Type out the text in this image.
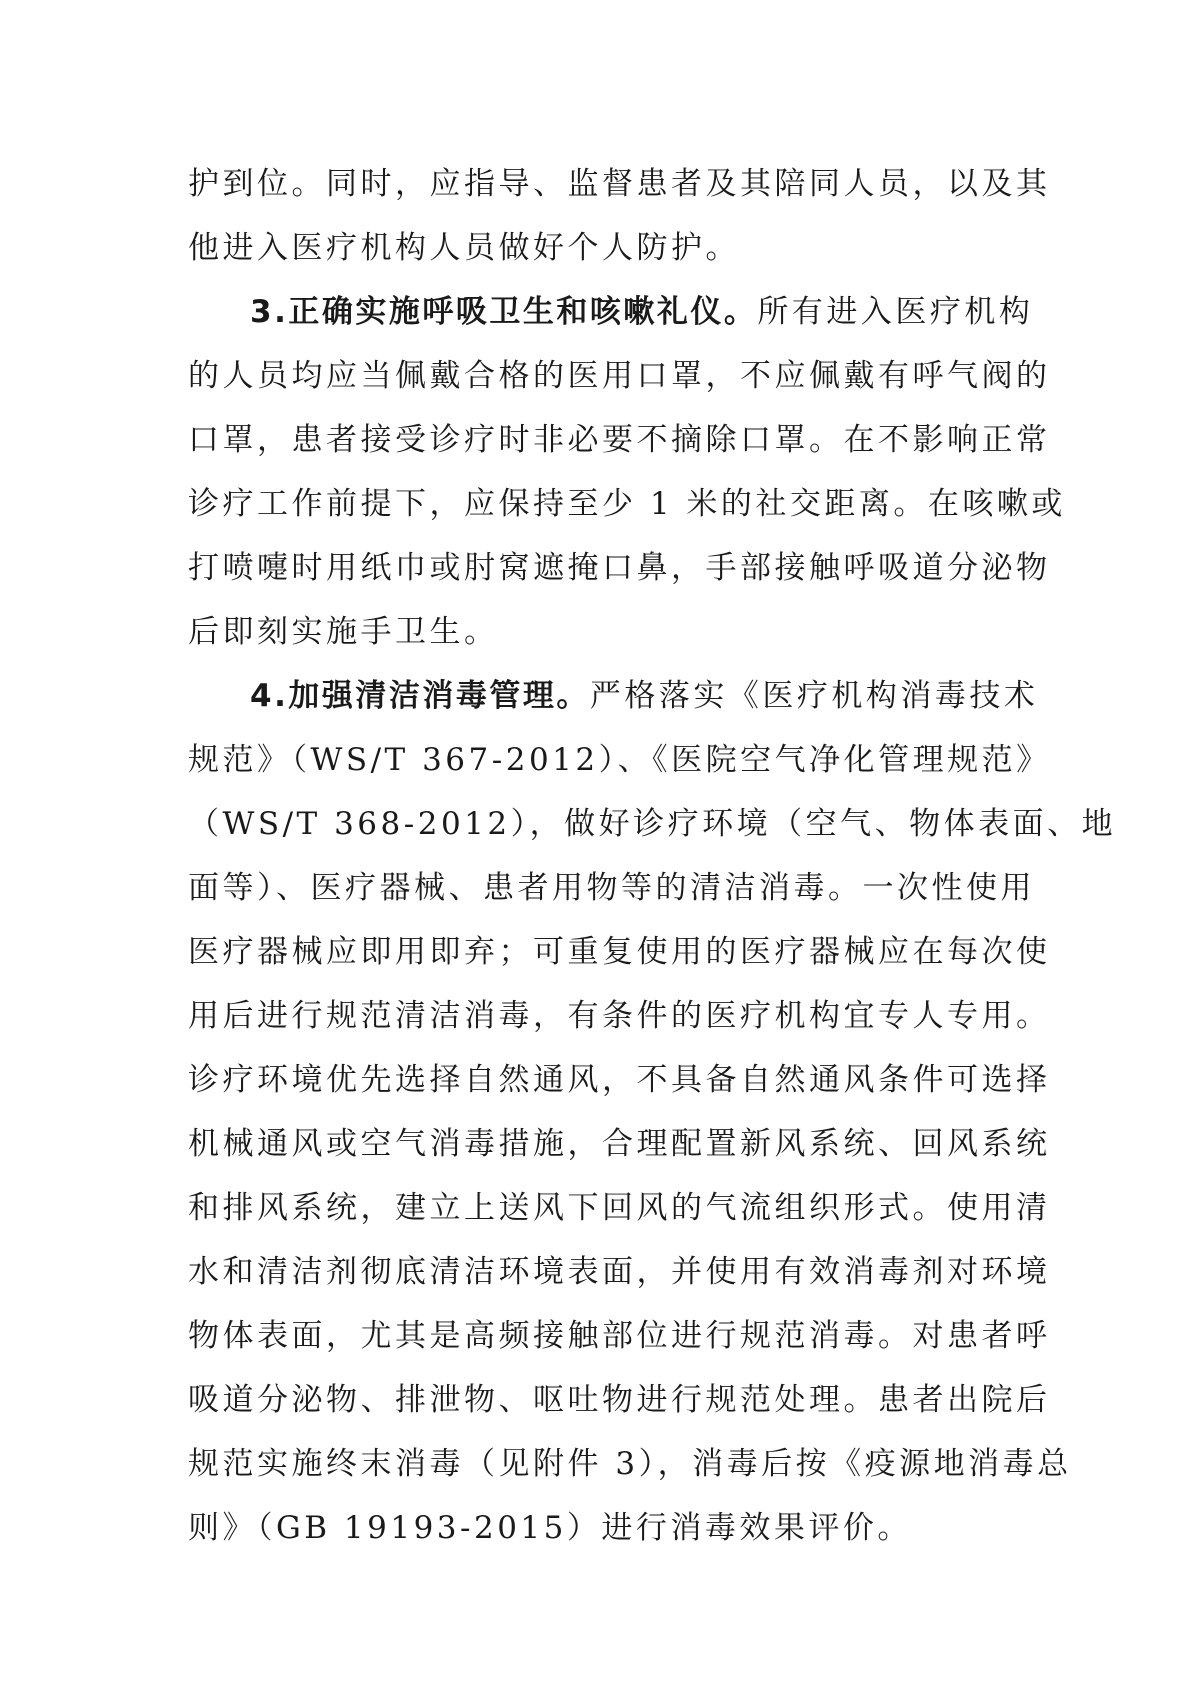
护到位。同时，应指导、监督患者及其陪同人员，以及其
他进入医疗机构人员做好个人防护。
3.正确实施呼吸卫生和咳嗽礼仪。所有进入医疗机构
的人员均应当佩戴合格的医用口罩，不应佩戴有呼气阀的
口罩，患者接受诊疗时非必要不摘除口罩。在不影响正常
诊疗工作前提下，应保持至少 1 米的社交距离。在咳嗽或
打喷嚏时用纸巾或肘窝遮掩口鼻，手部接触呼吸道分泌物
后即刻实施手卫生。
4.加强清洁消毒管理。严格落实《医疗机构消毒技术
规范》（WS/T 367-2012）、《医院空气净化管理规范》
（WS/T 368-2012），做好诊疗环境（空气、物体表面、地
面等）、医疗器械、患者用物等的清洁消毒。一次性使用
医疗器械应即用即弃；可重复使用的医疗器械应在每次使
用后进行规范清洁消毒，有条件的医疗机构宜专人专用。
诊疗环境优先选择自然通风，不具备自然通风条件可选择
机械通风或空气消毒措施，合理配置新风系统、回风系统
和排风系统，建立上送风下回风的气流组织形式。使用清
水和清洁剂彻底清洁环境表面，并使用有效消毒剂对环境
物体表面，尤其是高频接触部位进行规范消毒。对患者呼
吸道分泌物、排泄物、呕吐物进行规范处理。患者出院后
规范实施终末消毒（见附件 3），消毒后按《疫源地消毒总
则》（GB 19193-2015）进行消毒效果评价。
